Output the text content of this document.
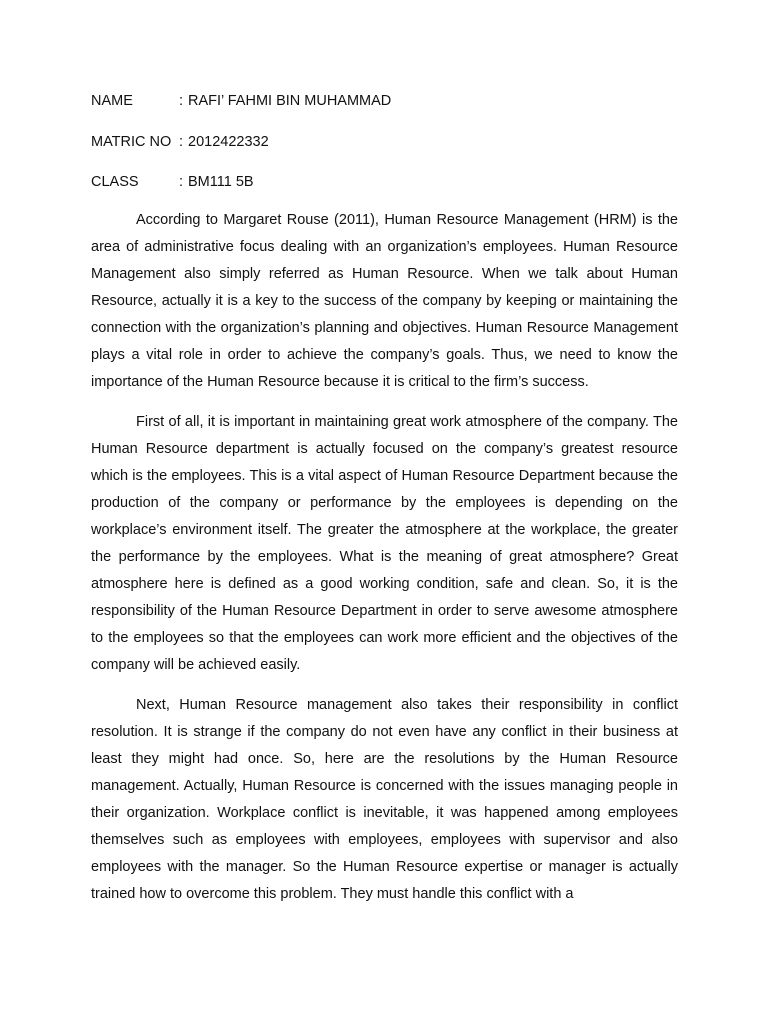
NAME	: RAFI’ FAHMI BIN MUHAMMAD
MATRIC NO : 2012422332
CLASS	: BM111 5B

According to Margaret Rouse (2011), Human Resource Management (HRM) is the area of administrative focus dealing with an organization’s employees. Human Resource Management also simply referred as Human Resource. When we talk about Human Resource, actually it is a key to the success of the company by keeping or maintaining the connection with the organization’s planning and objectives. Human Resource Management plays a vital role in order to achieve the company’s goals. Thus, we need to know the importance of the Human Resource because it is critical to the firm’s success.

First of all, it is important in maintaining great work atmosphere of the company. The Human Resource department is actually focused on the company’s greatest resource which is the employees. This is a vital aspect of Human Resource Department because the production of the company or performance by the employees is depending on the workplace’s environment itself. The greater the atmosphere at the workplace, the greater the performance by the employees. What is the meaning of great atmosphere? Great atmosphere here is defined as a good working condition, safe and clean. So, it is the responsibility of the Human Resource Department in order to serve awesome atmosphere to the employees so that the employees can work more efficient and the objectives of the company will be achieved easily.

Next, Human Resource management also takes their responsibility in conflict resolution. It is strange if the company do not even have any conflict in their business at least they might had once. So, here are the resolutions by the Human Resource management. Actually, Human Resource is concerned with the issues managing people in their organization. Workplace conflict is inevitable, it was happened among employees themselves such as employees with employees, employees with supervisor and also employees with the manager. So the Human Resource expertise or manager is actually trained how to overcome this problem. They must handle this conflict with a
